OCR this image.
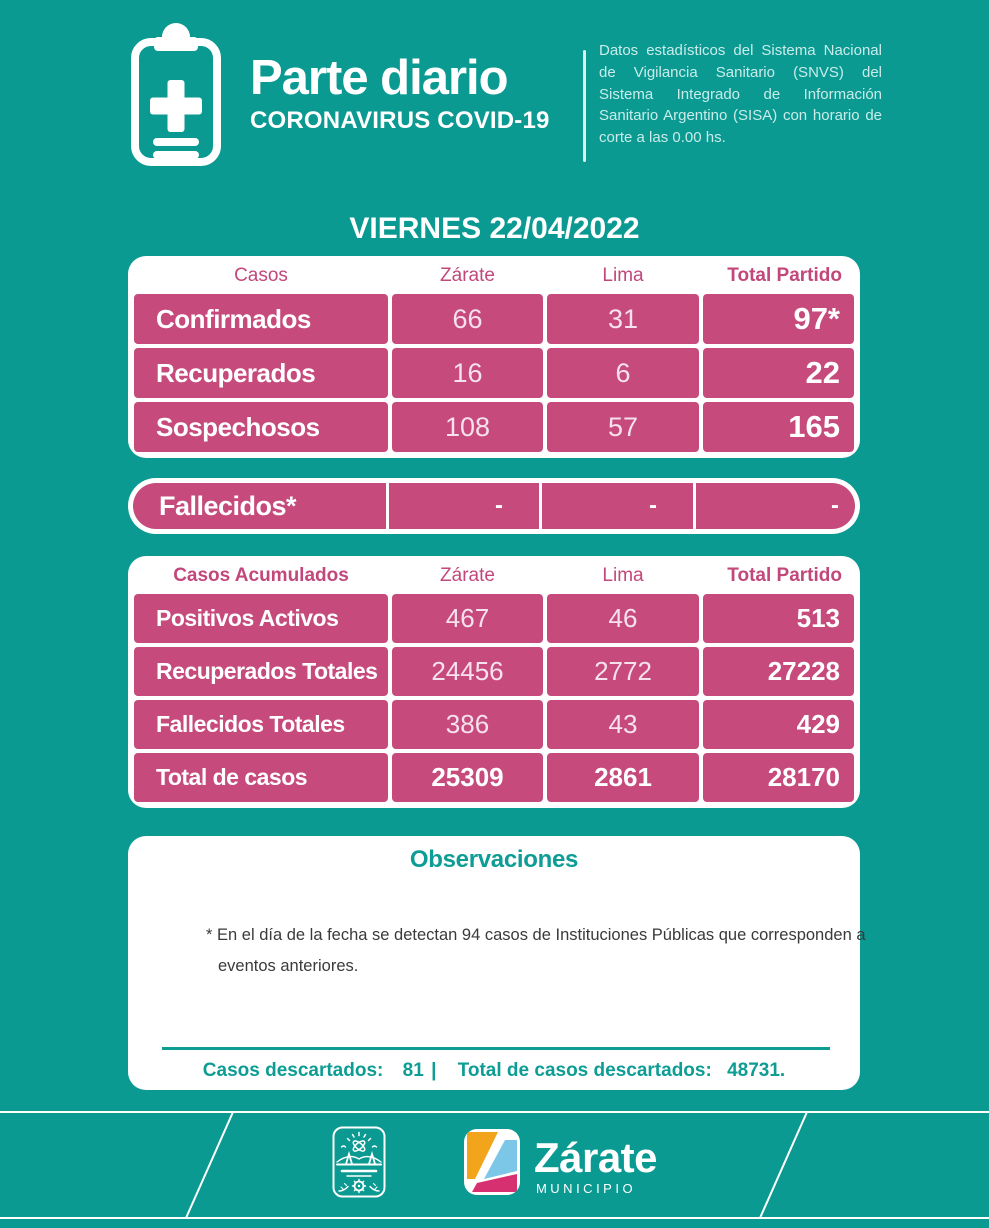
Parte diario
CORONAVIRUS COVID-19
Datos estadísticos del Sistema Nacional de Vigilancia Sanitario (SNVS) del Sistema Integrado de Información Sanitario Argentino (SISA) con horario de corte a las 0.00 hs.
VIERNES 22/04/2022
Casos	Zárate	Lima	Total Partido
Confirmados	66	31	97*
Recuperados	16	6	22
Sospechosos	108	57	165
Fallecidos*	-	-	-
Casos Acumulados	Zárate	Lima	Total Partido
Positivos Activos	467	46	513
Recuperados Totales	24456	2772	27228
Fallecidos Totales	386	43	429
Total de casos	25309	2861	28170
Observaciones
* En el día de la fecha se detectan 94 casos de Instituciones Públicas que corresponden a eventos anteriores.
Casos descartados: 81 | Total de casos descartados: 48731.
Zárate
MUNICIPIO
